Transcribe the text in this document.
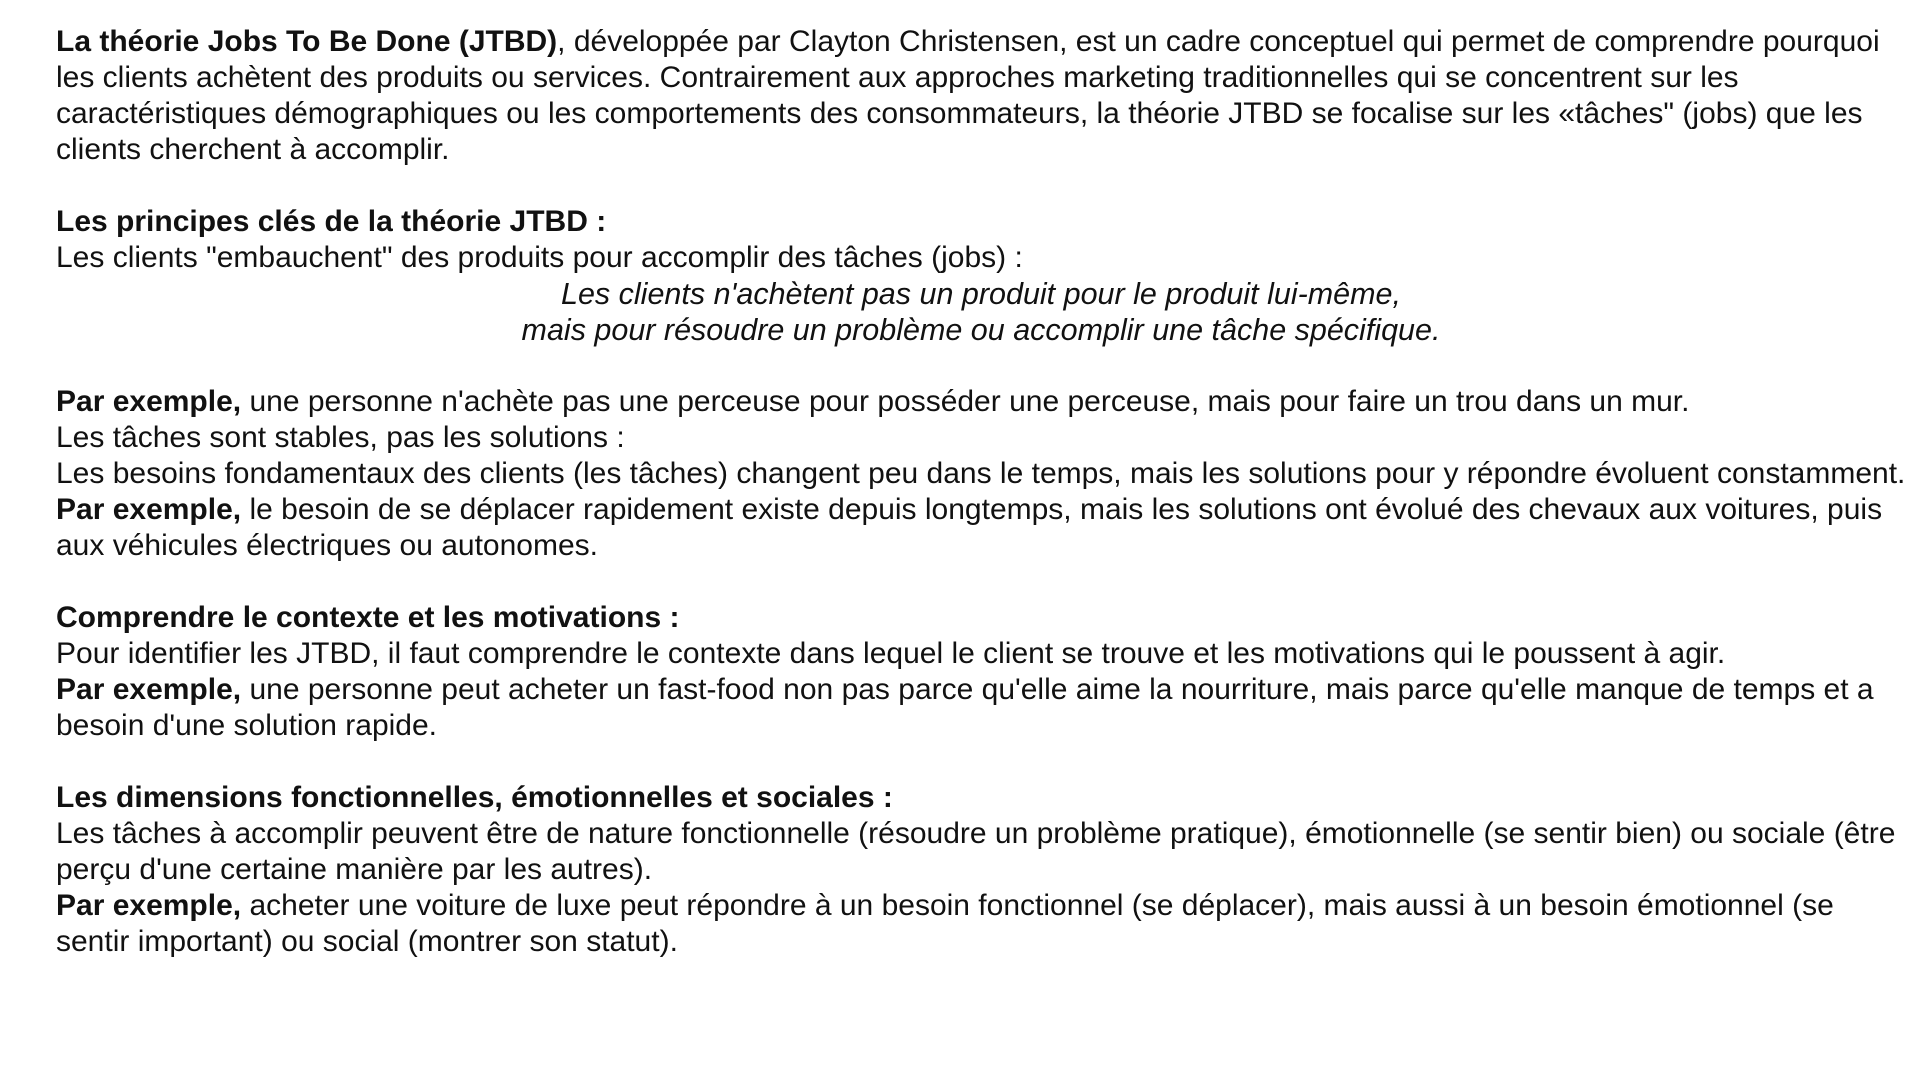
La théorie Jobs To Be Done (JTBD), développée par Clayton Christensen, est un cadre conceptuel qui permet de comprendre pourquoi les clients achètent des produits ou services. Contrairement aux approches marketing traditionnelles qui se concentrent sur les caractéristiques démographiques ou les comportements des consommateurs, la théorie JTBD se focalise sur les «tâches" (jobs) que les clients cherchent à accomplir.

Les principes clés de la théorie JTBD :

Les clients "embauchent" des produits pour accomplir des tâches (jobs) :

Les clients n'achètent pas un produit pour le produit lui-même,

mais pour résoudre un problème ou accomplir une tâche spécifique.

Par exemple, une personne n'achète pas une perceuse pour posséder une perceuse, mais pour faire un trou dans un mur.

Les tâches sont stables, pas les solutions :

Les besoins fondamentaux des clients (les tâches) changent peu dans le temps, mais les solutions pour y répondre évoluent constamment.

Par exemple, le besoin de se déplacer rapidement existe depuis longtemps, mais les solutions ont évolué des chevaux aux voitures, puis aux véhicules électriques ou autonomes.

Comprendre le contexte et les motivations :

Pour identifier les JTBD, il faut comprendre le contexte dans lequel le client se trouve et les motivations qui le poussent à agir.

Par exemple, une personne peut acheter un fast-food non pas parce qu'elle aime la nourriture, mais parce qu'elle manque de temps et a besoin d'une solution rapide.

Les dimensions fonctionnelles, émotionnelles et sociales :

Les tâches à accomplir peuvent être de nature fonctionnelle (résoudre un problème pratique), émotionnelle (se sentir bien) ou sociale (être perçu d'une certaine manière par les autres).

Par exemple, acheter une voiture de luxe peut répondre à un besoin fonctionnel (se déplacer), mais aussi à un besoin émotionnel (se sentir important) ou social (montrer son statut).
